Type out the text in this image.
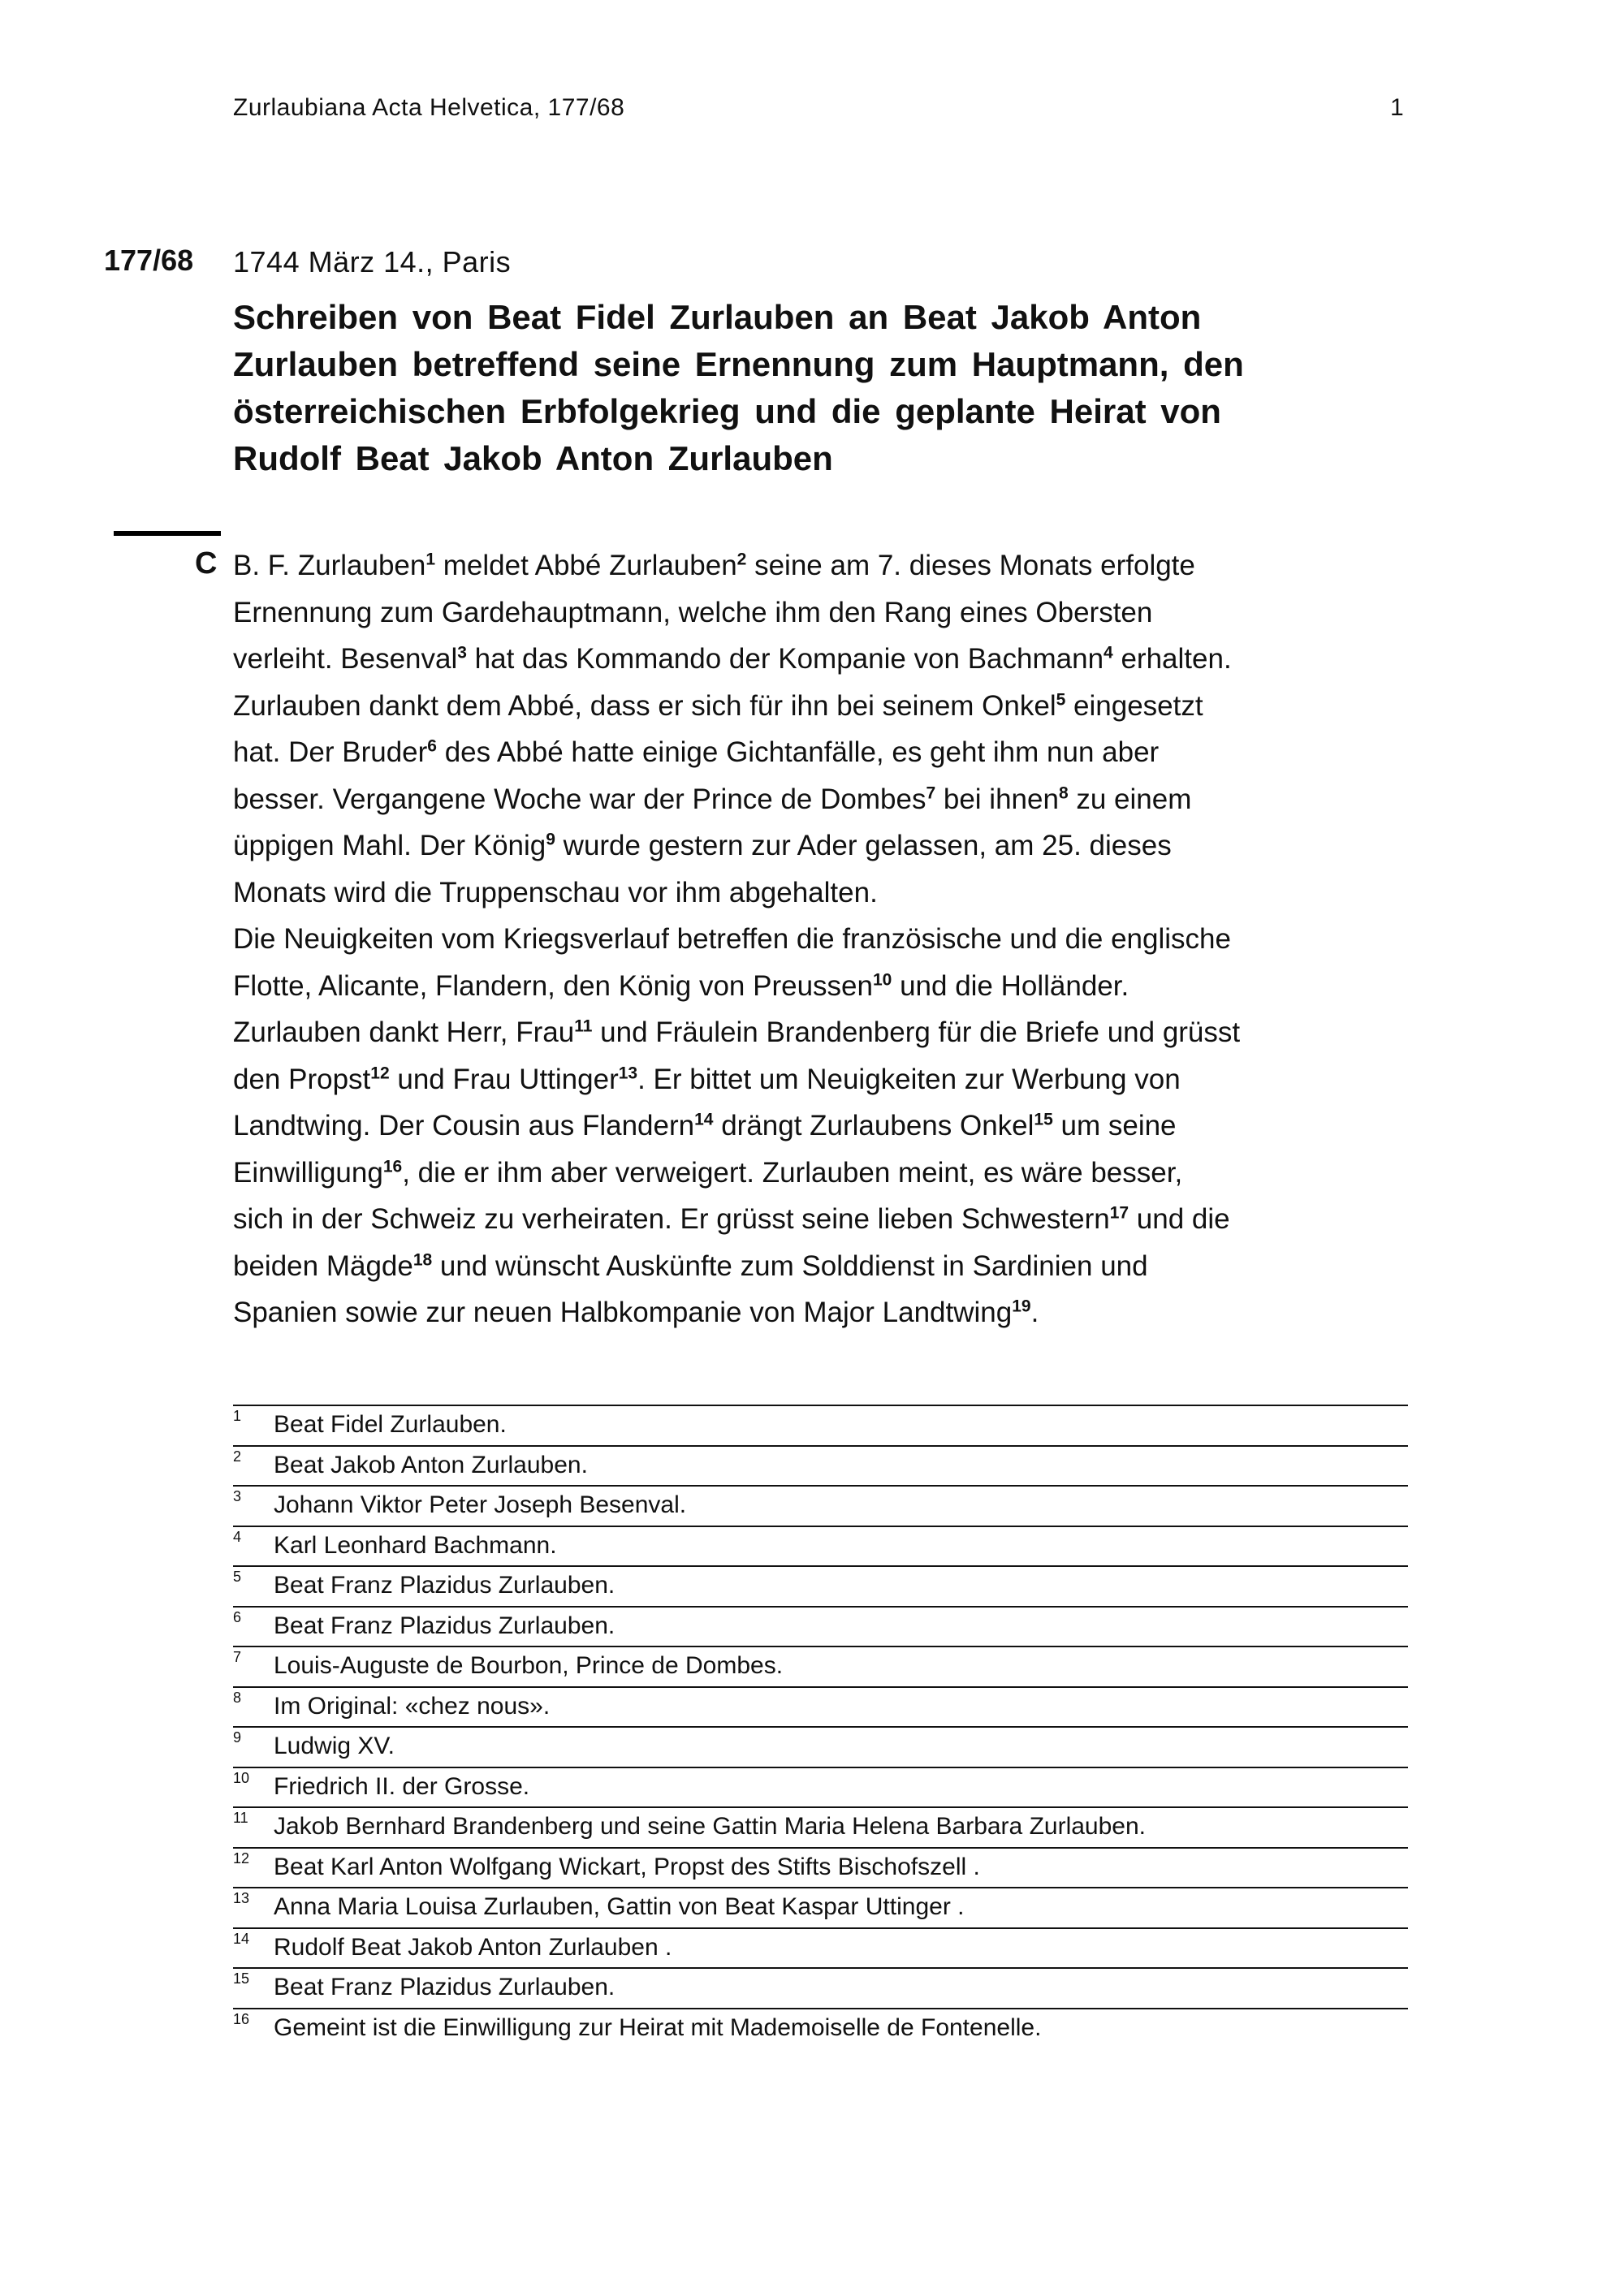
Zurlaubiana Acta Helvetica, 177/68	1
177/68 1744 März 14., Paris
Schreiben von Beat Fidel Zurlauben an Beat Jakob Anton
Zurlauben betreffend seine Ernennung zum Hauptmann, den
österreichischen Erbfolgekrieg und die geplante Heirat von
Rudolf Beat Jakob Anton Zurlauben
C B. F. Zurlauben$^1$ meldet Abbé Zurlauben$^2$ seine am 7. dieses Monats erfolgte
Ernennung zum Gardehauptmann, welche ihm den Rang eines Obersten
verleiht. Besenval$^3$ hat das Kommando der Kompanie von Bachmann$^4$ erhalten.
Zurlauben dankt dem Abbé, dass er sich für ihn bei seinem Onkel$^5$ eingesetzt
hat. Der Bruder$^6$ des Abbé hatte einige Gichtanfälle, es geht ihm nun aber
besser. Vergangene Woche war der Prince de Dombes$^7$ bei ihnen$^8$ zu einem
üppigen Mahl. Der König$^9$ wurde gestern zur Ader gelassen, am 25. dieses
Monats wird die Truppenschau vor ihm abgehalten.
Die Neuigkeiten vom Kriegsverlauf betreffen die französische und die englische
Flotte, Alicante, Flandern, den König von Preussen$^{10}$ und die Holländer.
Zurlauben dankt Herr, Frau$^{11}$ und Fräulein Brandenberg für die Briefe und grüsst
den Propst$^{12}$ und Frau Uttinger$^{13}$. Er bittet um Neuigkeiten zur Werbung von
Landtwing. Der Cousin aus Flandern$^{14}$ drängt Zurlaubens Onkel$^{15}$ um seine
Einwilligung$^{16}$, die er ihm aber verweigert. Zurlauben meint, es wäre besser,
sich in der Schweiz zu verheiraten. Er grüsst seine lieben Schwestern$^{17}$ und die
beiden Mägde$^{18}$ und wünscht Auskünfte zum Solddienst in Sardinien und
Spanien sowie zur neuen Halbkompanie von Major Landtwing$^{19}$.
1 Beat Fidel Zurlauben.
2 Beat Jakob Anton Zurlauben.
3 Johann Viktor Peter Joseph Besenval.
4 Karl Leonhard Bachmann.
5 Beat Franz Plazidus Zurlauben.
6 Beat Franz Plazidus Zurlauben.
7 Louis-Auguste de Bourbon, Prince de Dombes.
8 Im Original: «chez nous».
9 Ludwig XV.
10 Friedrich II. der Grosse.
11 Jakob Bernhard Brandenberg und seine Gattin Maria Helena Barbara Zurlauben.
12 Beat Karl Anton Wolfgang Wickart, Propst des Stifts Bischofszell .
13 Anna Maria Louisa Zurlauben, Gattin von Beat Kaspar Uttinger .
14 Rudolf Beat Jakob Anton Zurlauben .
15 Beat Franz Plazidus Zurlauben.
16 Gemeint ist die Einwilligung zur Heirat mit Mademoiselle de Fontenelle.
